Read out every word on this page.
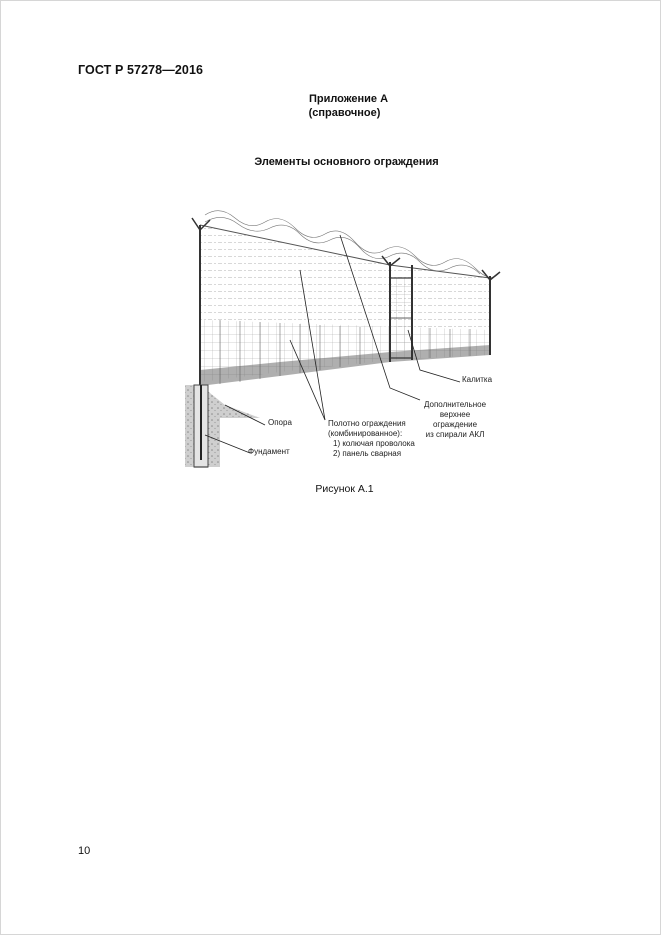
ГОСТ Р 57278—2016
Приложение А
(справочное)
Элементы основного ограждения
Калитка
Дополнительное
верхнее
ограждение
из спирали АКЛ
Опора	Полотно ограждения
(комбинированное):
1) колючая проволока
2) панель сварная
Фундамент
Рисунок А.1
10
